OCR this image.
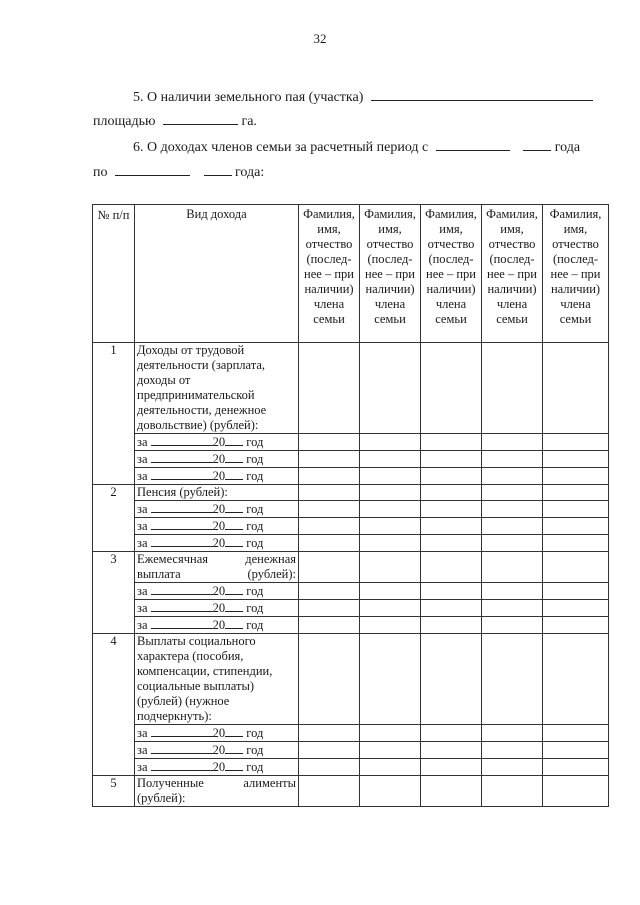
32
5. О наличии земельного пая (участка)
площадью	га.
6. О доходах членов семьи за расчетный период с	года
по	года:
№ п/п	Вид дохода	Фамилия, имя, отчество (послед-нее – при наличии) члена семьи	Фамилия, имя, отчество (послед-нее – при наличии) члена семьи	Фамилия, имя, отчество (послед-нее – при наличии) члена семьи	Фамилия, имя, отчество (послед-нее – при наличии) члена семьи	Фамилия, имя, отчество (послед-нее – при наличии) члена семьи
1	Доходы от трудовой деятельности (зарплата, доходы от предпринимательской деятельности, денежное довольствие) (рублей):					
	за 20 год					
	за 20 год					
	за 20 год					
2	Пенсия (рублей):					
	за 20 год					
	за 20 год					
	за 20 год					
3	Ежемесячная денежная выплата (рублей):					
	за 20 год					
	за 20 год					
	за 20 год					
4	Выплаты социального характера (пособия, компенсации, стипендии, социальные выплаты) (рублей) (нужное подчеркнуть):					
	за 20 год					
	за 20 год					
	за 20 год					
5	Полученные алименты (рублей):					
